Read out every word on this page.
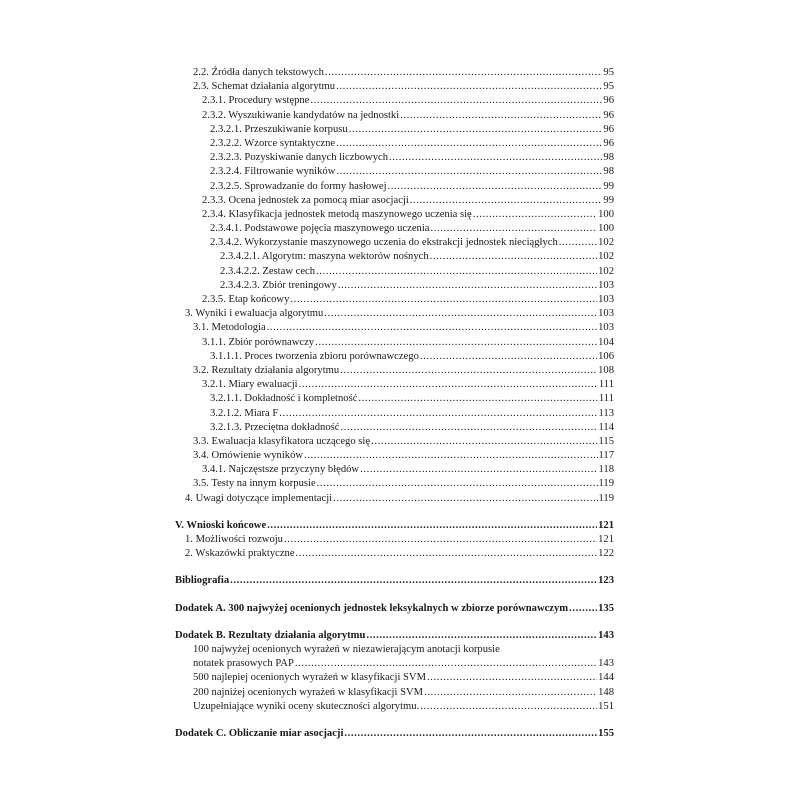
2.2. Źródła danych tekstowych .....	95
2.3. Schemat działania algorytmu .....	95
2.3.1. Procedury wstępne .....	96
2.3.2. Wyszukiwanie kandydatów na jednostki .....	96
2.3.2.1. Przeszukiwanie korpusu .....	96
2.3.2.2. Wzorce syntaktyczne .....	96
2.3.2.3. Pozyskiwanie danych liczbowych .....	98
2.3.2.4. Filtrowanie wyników .....	98
2.3.2.5. Sprowadzanie do formy hasłowej .....	99
2.3.3. Ocena jednostek za pomocą miar asocjacji .....	99
2.3.4. Klasyfikacja jednostek metodą maszynowego uczenia się .....	100
2.3.4.1. Podstawowe pojęcia maszynowego uczenia .....	100
2.3.4.2. Wykorzystanie maszynowego uczenia do ekstrakcji jednostek nieciągłych .....	102
2.3.4.2.1. Algorytm: maszyna wektorów nośnych .....	102
2.3.4.2.2. Zestaw cech .....	102
2.3.4.2.3. Zbiór treningowy .....	103
2.3.5. Etap końcowy .....	103
3. Wyniki i ewaluacja algorytmu .....	103
3.1. Metodologia .....	103
3.1.1. Zbiór porównawczy .....	104
3.1.1.1. Proces tworzenia zbioru porównawczego .....	106
3.2. Rezultaty działania algorytmu .....	108
3.2.1. Miary ewaluacji .....	111
3.2.1.1. Dokładność i kompletność .....	111
3.2.1.2. Miara F .....	113
3.2.1.3. Przeciętna dokładność .....	114
3.3. Ewaluacja klasyfikatora uczącego się .....	115
3.4. Omówienie wyników .....	117
3.4.1. Najczęstsze przyczyny błędów .....	118
3.5. Testy na innym korpusie .....	119
4. Uwagi dotyczące implementacji .....	119
V. Wnioski końcowe .....	121
1. Możliwości rozwoju .....	121
2. Wskazówki praktyczne .....	122
Bibliografia .....	123
Dodatek A. 300 najwyżej ocenionych jednostek leksykalnych w zbiorze porównawczym .....	135
Dodatek B. Rezultaty działania algorytmu .....	143
100 najwyżej ocenionych wyrażeń w niezawierającym anotacji korpusie
notatek prasowych PAP .....	143
500 najlepiej ocenionych wyrażeń w klasyfikacji SVM .....	144
200 najniżej ocenionych wyrażeń w klasyfikacji SVM .....	148
Uzupełniające wyniki oceny skuteczności algorytmu. .....	151
Dodatek C. Obliczanie miar asocjacji .....	155
